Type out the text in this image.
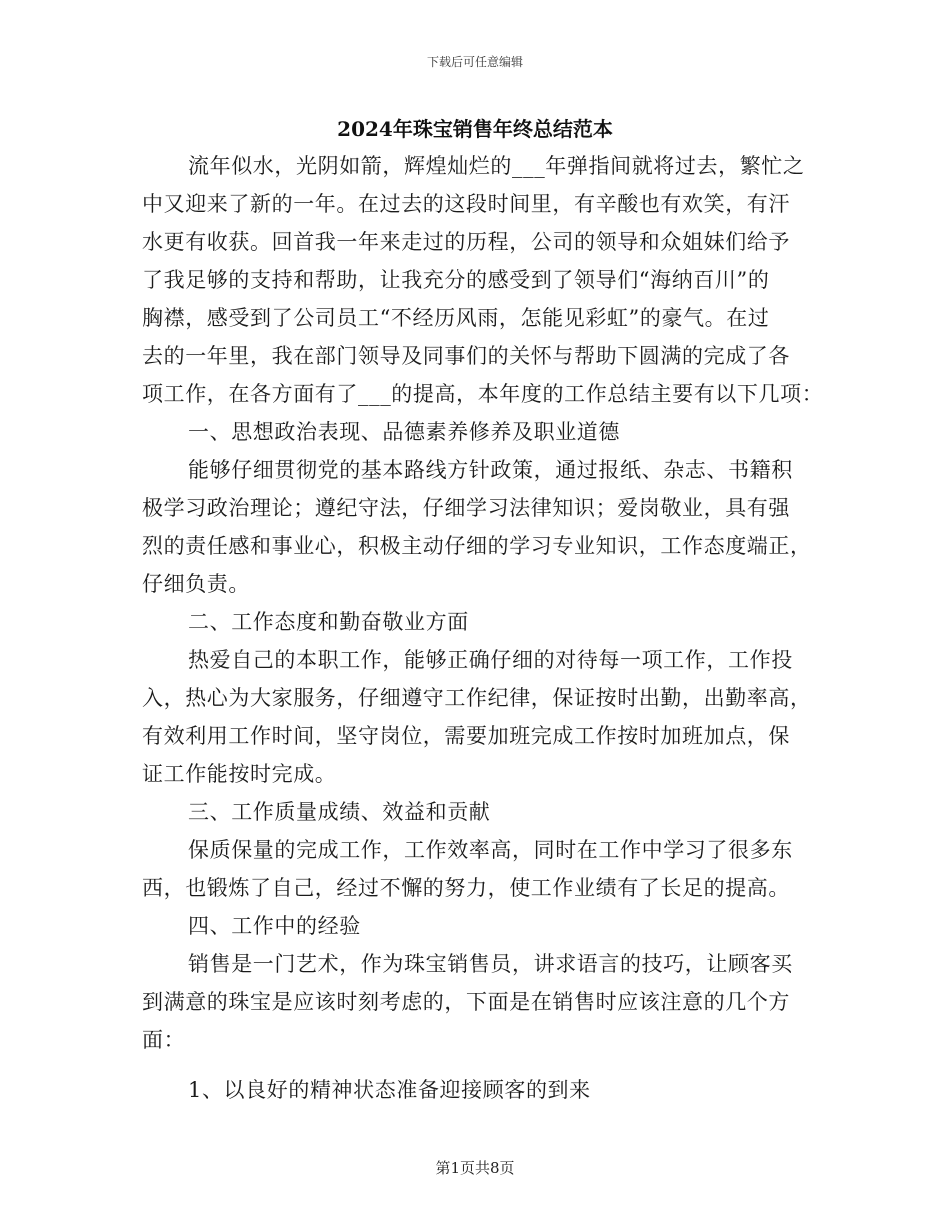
下载后可任意编辑
2024年珠宝销售年终总结范本
流年似水，光阴如箭，辉煌灿烂的___年弹指间就将过去，繁忙之
中又迎来了新的一年。在过去的这段时间里，有辛酸也有欢笑，有汗
水更有收获。回首我一年来走过的历程，公司的领导和众姐妹们给予
了我足够的支持和帮助，让我充分的感受到了领导们“海纳百川”的
胸襟，感受到了公司员工“不经历风雨，怎能见彩虹”的豪气。在过
去的一年里，我在部门领导及同事们的关怀与帮助下圆满的完成了各
项工作，在各方面有了___的提高，本年度的工作总结主要有以下几项：
一、思想政治表现、品德素养修养及职业道德
能够仔细贯彻党的基本路线方针政策，通过报纸、杂志、书籍积
极学习政治理论；遵纪守法，仔细学习法律知识；爱岗敬业，具有强
烈的责任感和事业心，积极主动仔细的学习专业知识，工作态度端正，
仔细负责。
二、工作态度和勤奋敬业方面
热爱自己的本职工作，能够正确仔细的对待每一项工作，工作投
入，热心为大家服务，仔细遵守工作纪律，保证按时出勤，出勤率高，
有效利用工作时间，坚守岗位，需要加班完成工作按时加班加点，保
证工作能按时完成。
三、工作质量成绩、效益和贡献
保质保量的完成工作，工作效率高，同时在工作中学习了很多东
西，也锻炼了自己，经过不懈的努力，使工作业绩有了长足的提高。
四、工作中的经验
销售是一门艺术，作为珠宝销售员，讲求语言的技巧，让顾客买
到满意的珠宝是应该时刻考虑的，下面是在销售时应该注意的几个方
面：
1、以良好的精神状态准备迎接顾客的到来
第1页共8页
